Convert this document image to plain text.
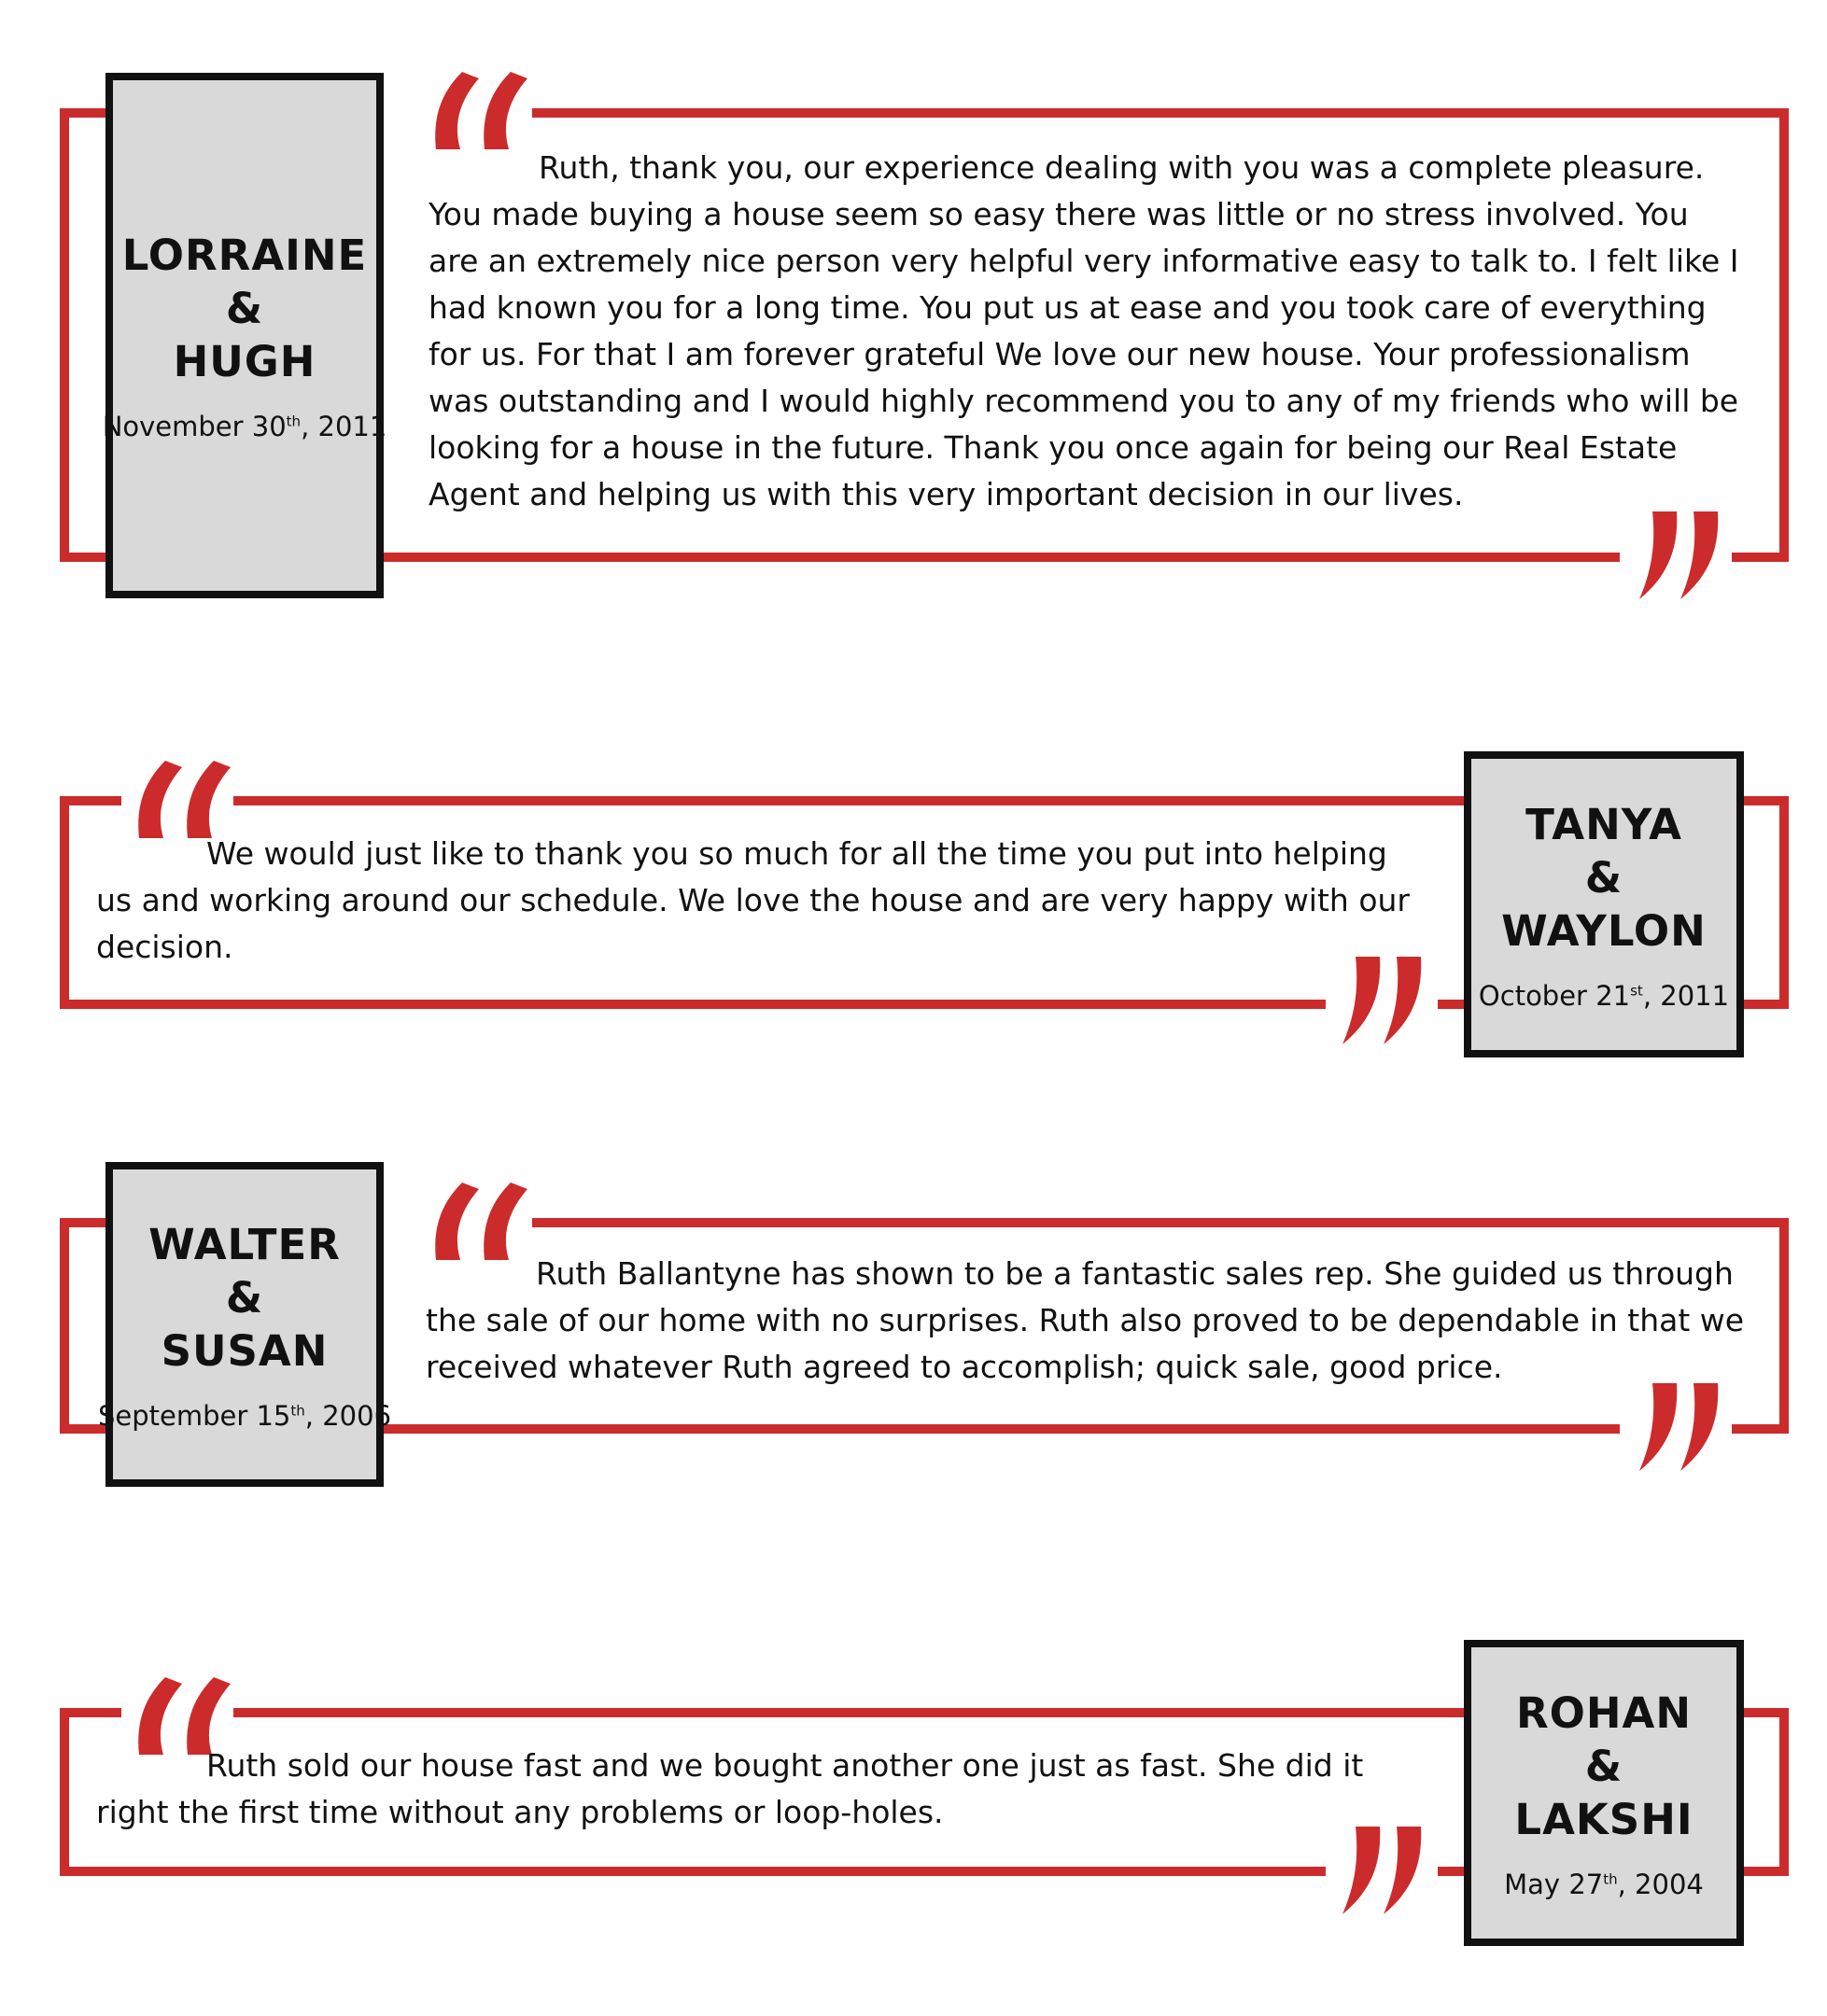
LORRAINE
&
HUGH
November 30th, 2011

Ruth, thank you, our experience dealing with you was a complete pleasure. You made buying a house seem so easy there was little or no stress involved. You are an extremely nice person very helpful very informative easy to talk to. I felt like I had known you for a long time. You put us at ease and you took care of everything for us. For that I am forever grateful We love our new house. Your professionalism was outstanding and I would highly recommend you to any of my friends who will be looking for a house in the future. Thank you once again for being our Real Estate Agent and helping us with this very important decision in our lives.

TANYA
&
WAYLON
October 21st, 2011

We would just like to thank you so much for all the time you put into helping us and working around our schedule. We love the house and are very happy with our decision.

WALTER
&
SUSAN
September 15th, 2006

Ruth Ballantyne has shown to be a fantastic sales rep. She guided us through the sale of our home with no surprises. Ruth also proved to be dependable in that we received whatever Ruth agreed to accomplish; quick sale, good price.

ROHAN
&
LAKSHI
May 27th, 2004

Ruth sold our house fast and we bought another one just as fast. She did it right the first time without any problems or loop-holes.
